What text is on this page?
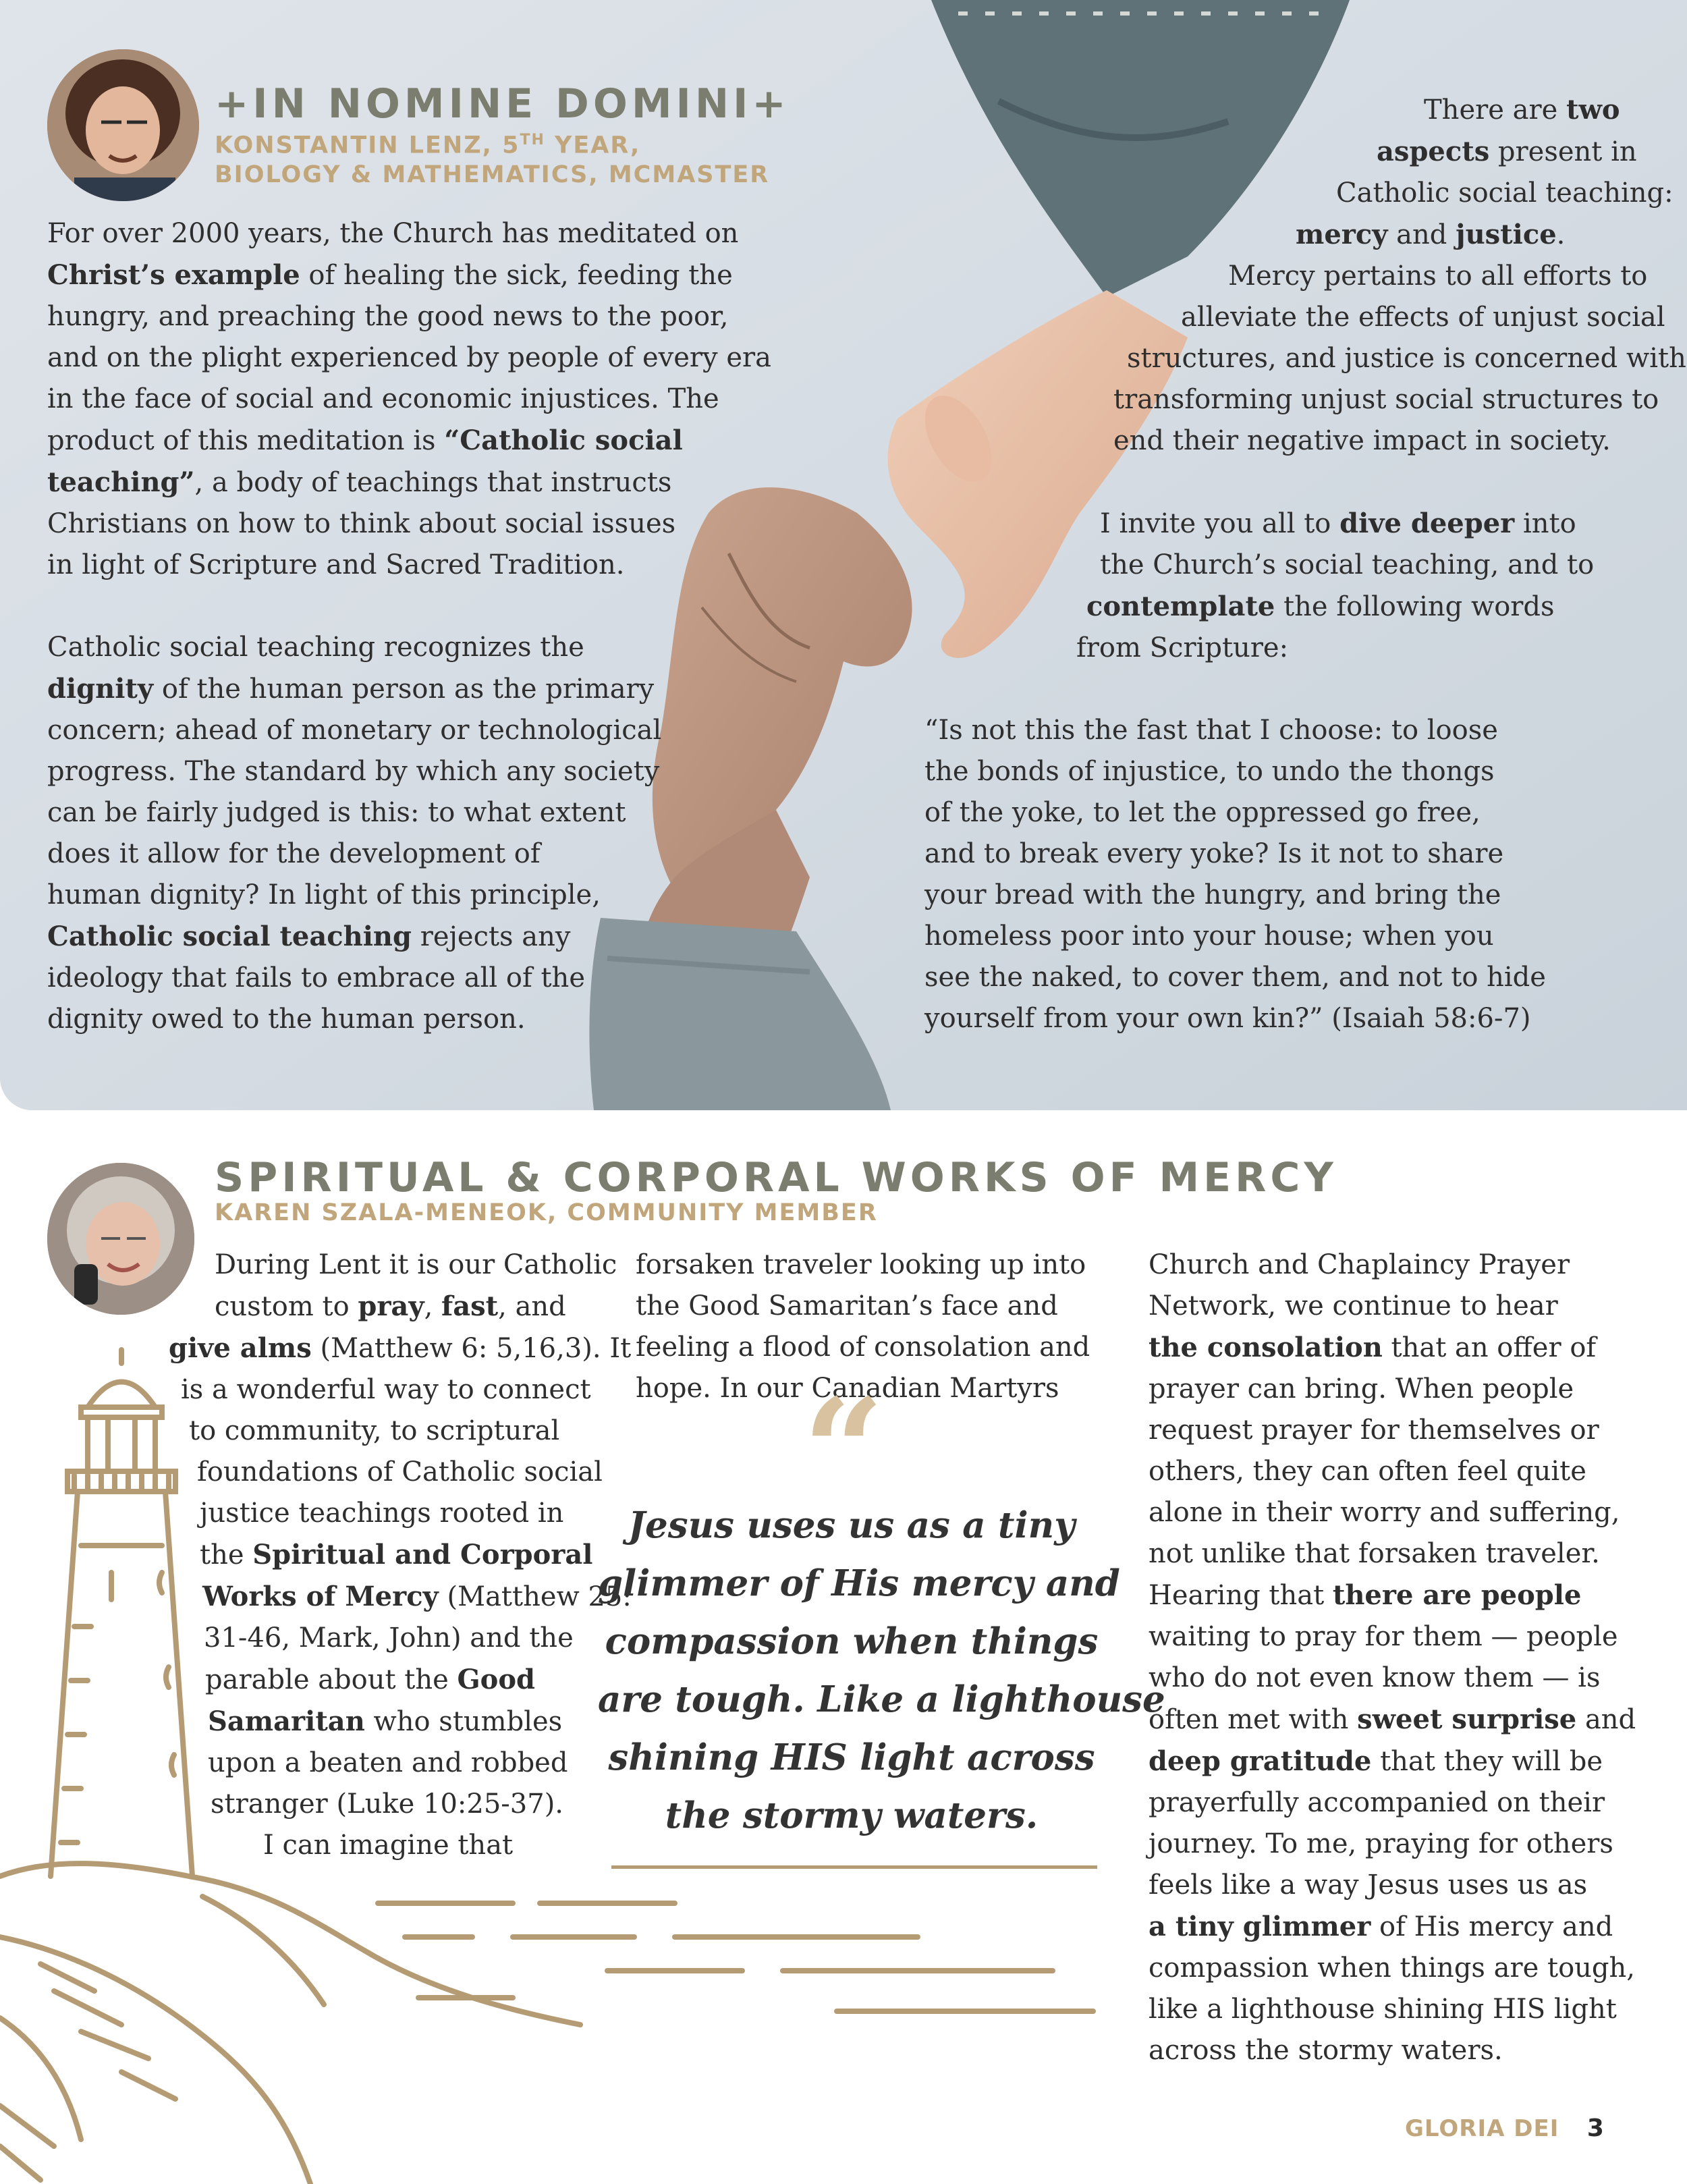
+IN NOMINE DOMINI+
KONSTANTIN LENZ, 5TH YEAR,
BIOLOGY & MATHEMATICS, MCMASTER
For over 2000 years, the Church has meditated on
Christ’s example of healing the sick, feeding the
hungry, and preaching the good news to the poor,
and on the plight experienced by people of every era
in the face of social and economic injustices. The
product of this meditation is “Catholic social
teaching”, a body of teachings that instructs
Christians on how to think about social issues
in light of Scripture and Sacred Tradition.

Catholic social teaching recognizes the
dignity of the human person as the primary
concern; ahead of monetary or technological
progress. The standard by which any society
can be fairly judged is this: to what extent
does it allow for the development of
human dignity? In light of this principle,
Catholic social teaching rejects any
ideology that fails to embrace all of the
dignity owed to the human person.
There are two
aspects present in
Catholic social teaching:
mercy and justice.
Mercy pertains to all efforts to
alleviate the effects of unjust social
structures, and justice is concerned with
transforming unjust social structures to
end their negative impact in society.

I invite you all to dive deeper into
the Church’s social teaching, and to
contemplate the following words
from Scripture:

“Is not this the fast that I choose: to loose
the bonds of injustice, to undo the thongs
of the yoke, to let the oppressed go free,
and to break every yoke? Is it not to share
your bread with the hungry, and bring the
homeless poor into your house; when you
see the naked, to cover them, and not to hide
yourself from your own kin?” (Isaiah 58:6-7)
SPIRITUAL & CORPORAL WORKS OF MERCY
KAREN SZALA-MENEOK, COMMUNITY MEMBER
During Lent it is our Catholic
custom to pray, fast, and
give alms (Matthew 6: 5,16,3). It
is a wonderful way to connect
to community, to scriptural
foundations of Catholic social
justice teachings rooted in
the Spiritual and Corporal
Works of Mercy (Matthew 25:
31-46, Mark, John) and the
parable about the Good
Samaritan who stumbles
upon a beaten and robbed
stranger (Luke 10:25-37).
I can imagine that
forsaken traveler looking up into
the Good Samaritan’s face and
feeling a flood of consolation and
hope. In our Canadian Martyrs
“
Jesus uses us as a tiny
glimmer of His mercy and
compassion when things
are tough. Like a lighthouse
shining HIS light across
the stormy waters.
Church and Chaplaincy Prayer
Network, we continue to hear
the consolation that an offer of
prayer can bring. When people
request prayer for themselves or
others, they can often feel quite
alone in their worry and suffering,
not unlike that forsaken traveler.
Hearing that there are people
waiting to pray for them — people
who do not even know them — is
often met with sweet surprise and
deep gratitude that they will be
prayerfully accompanied on their
journey. To me, praying for others
feels like a way Jesus uses us as
a tiny glimmer of His mercy and
compassion when things are tough,
like a lighthouse shining HIS light
across the stormy waters.
GLORIA DEI 3
